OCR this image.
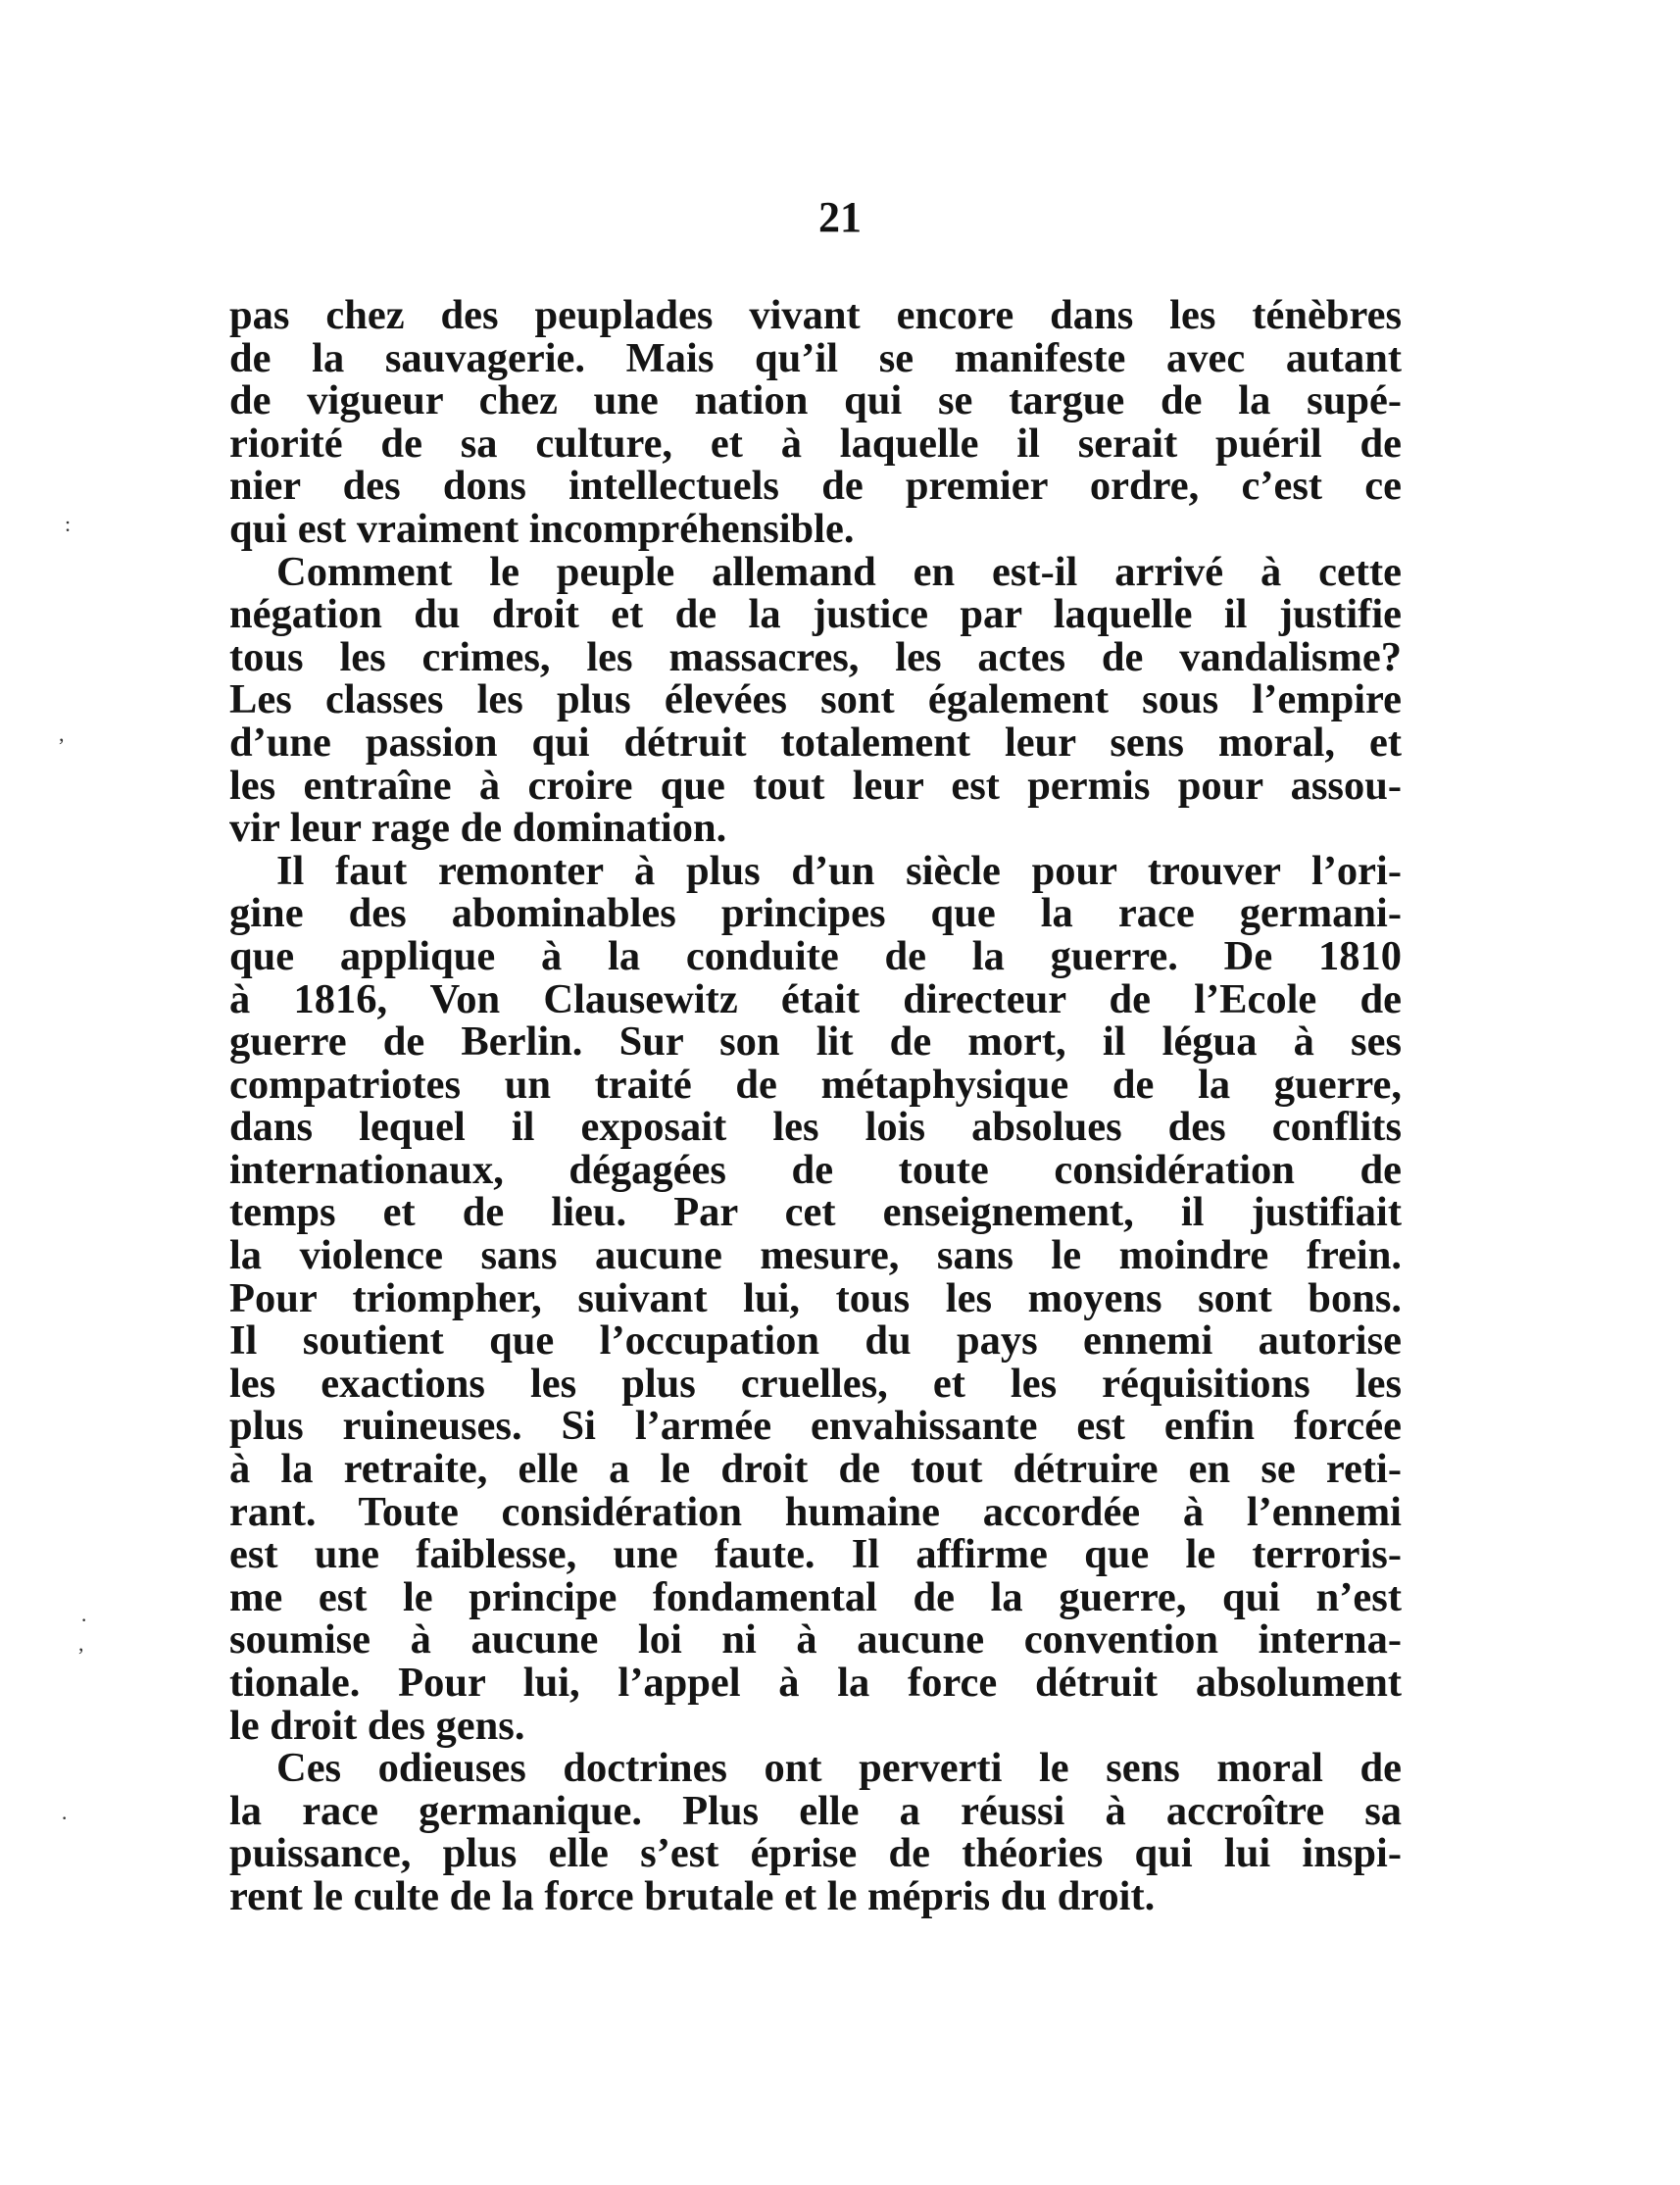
21
pas chez des peuplades vivant encore dans les ténèbres
de la sauvagerie. Mais qu’il se manifeste avec autant
de vigueur chez une nation qui se targue de la supé-
riorité de sa culture, et à laquelle il serait puéril de
nier des dons intellectuels de premier ordre, c’est ce
qui est vraiment incompréhensible.
Comment le peuple allemand en est-il arrivé à cette
négation du droit et de la justice par laquelle il justifie
tous les crimes, les massacres, les actes de vandalisme?
Les classes les plus élevées sont également sous l’empire
d’une passion qui détruit totalement leur sens moral, et
les entraîne à croire que tout leur est permis pour assou-
vir leur rage de domination.
Il faut remonter à plus d’un siècle pour trouver l’ori-
gine des abominables principes que la race germani-
que applique à la conduite de la guerre. De 1810
à 1816, Von Clausewitz était directeur de l’Ecole de
guerre de Berlin. Sur son lit de mort, il légua à ses
compatriotes un traité de métaphysique de la guerre,
dans lequel il exposait les lois absolues des conflits
internationaux, dégagées de toute considération de
temps et de lieu. Par cet enseignement, il justifiait
la violence sans aucune mesure, sans le moindre frein.
Pour triompher, suivant lui, tous les moyens sont bons.
Il soutient que l’occupation du pays ennemi autorise
les exactions les plus cruelles, et les réquisitions les
plus ruineuses. Si l’armée envahissante est enfin forcée
à la retraite, elle a le droit de tout détruire en se reti-
rant. Toute considération humaine accordée à l’ennemi
est une faiblesse, une faute. Il affirme que le terroris-
me est le principe fondamental de la guerre, qui n’est
soumise à aucune loi ni à aucune convention interna-
tionale. Pour lui, l’appel à la force détruit absolument
le droit des gens.
Ces odieuses doctrines ont perverti le sens moral de
la race germanique. Plus elle a réussi à accroître sa
puissance, plus elle s’est éprise de théories qui lui inspi-
rent le culte de la force brutale et le mépris du droit.
:
,
·
,
·
